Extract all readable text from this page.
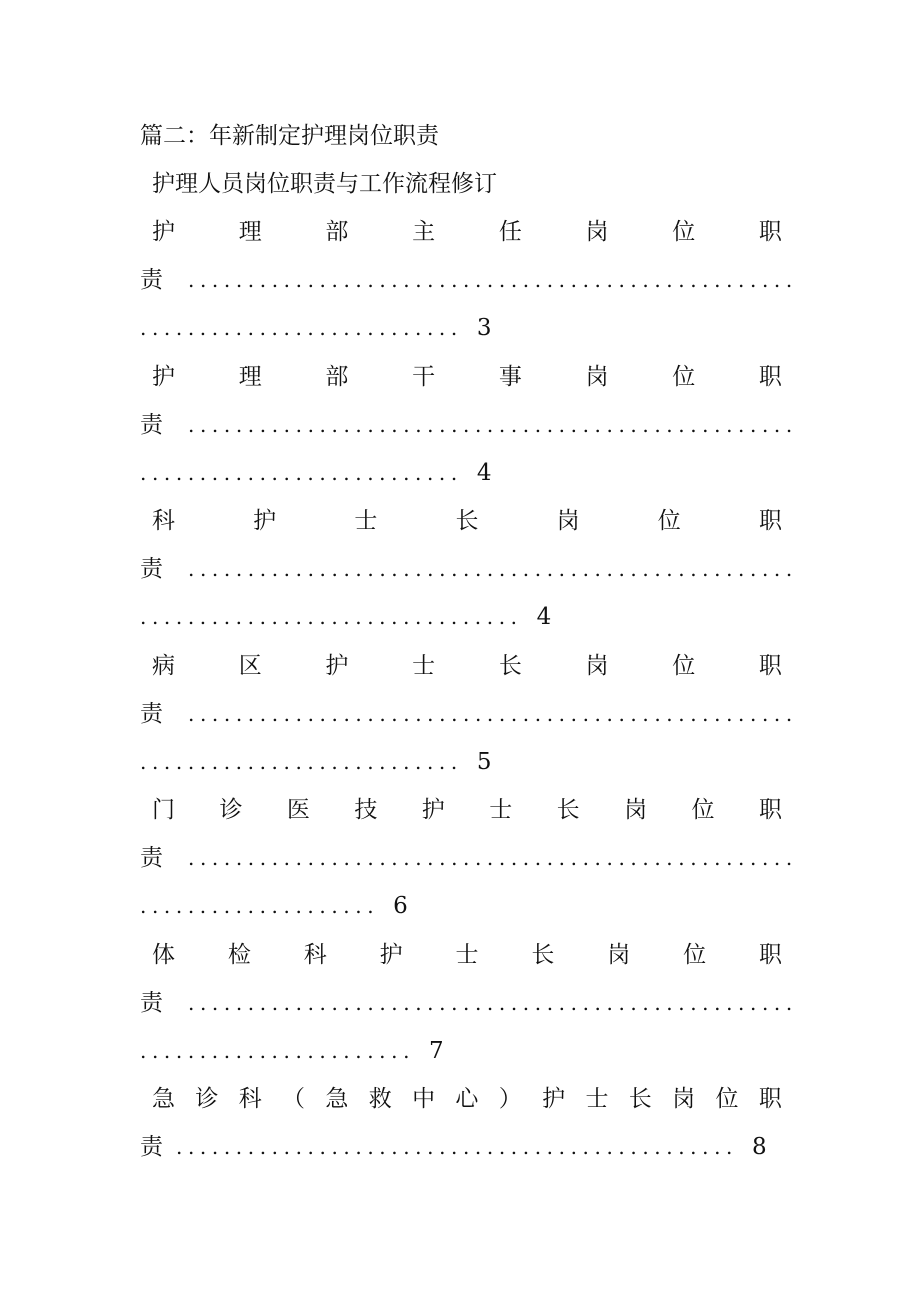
篇二：年新制定护理岗位职责
护理人员岗位职责与工作流程修订
护	理	部	主	任	岗	位	职
责 ...................................................
........................... 3
护	理	部	干	事	岗	位	职
责 ...................................................
........................... 4
科	护	士	长	岗	位	职
责 ...................................................
................................ 4
病	区	护	士	长	岗	位	职
责 ...................................................
........................... 5
门 诊 医 技 护 士 长 岗 位 职
责 ...................................................
.................... 6
体 检 科 护 士 长 岗 位 职
责 ...................................................
....................... 7
急 诊 科 （ 急 救 中 心 ） 护 士 长 岗 位 职
责 ............................................... 8
